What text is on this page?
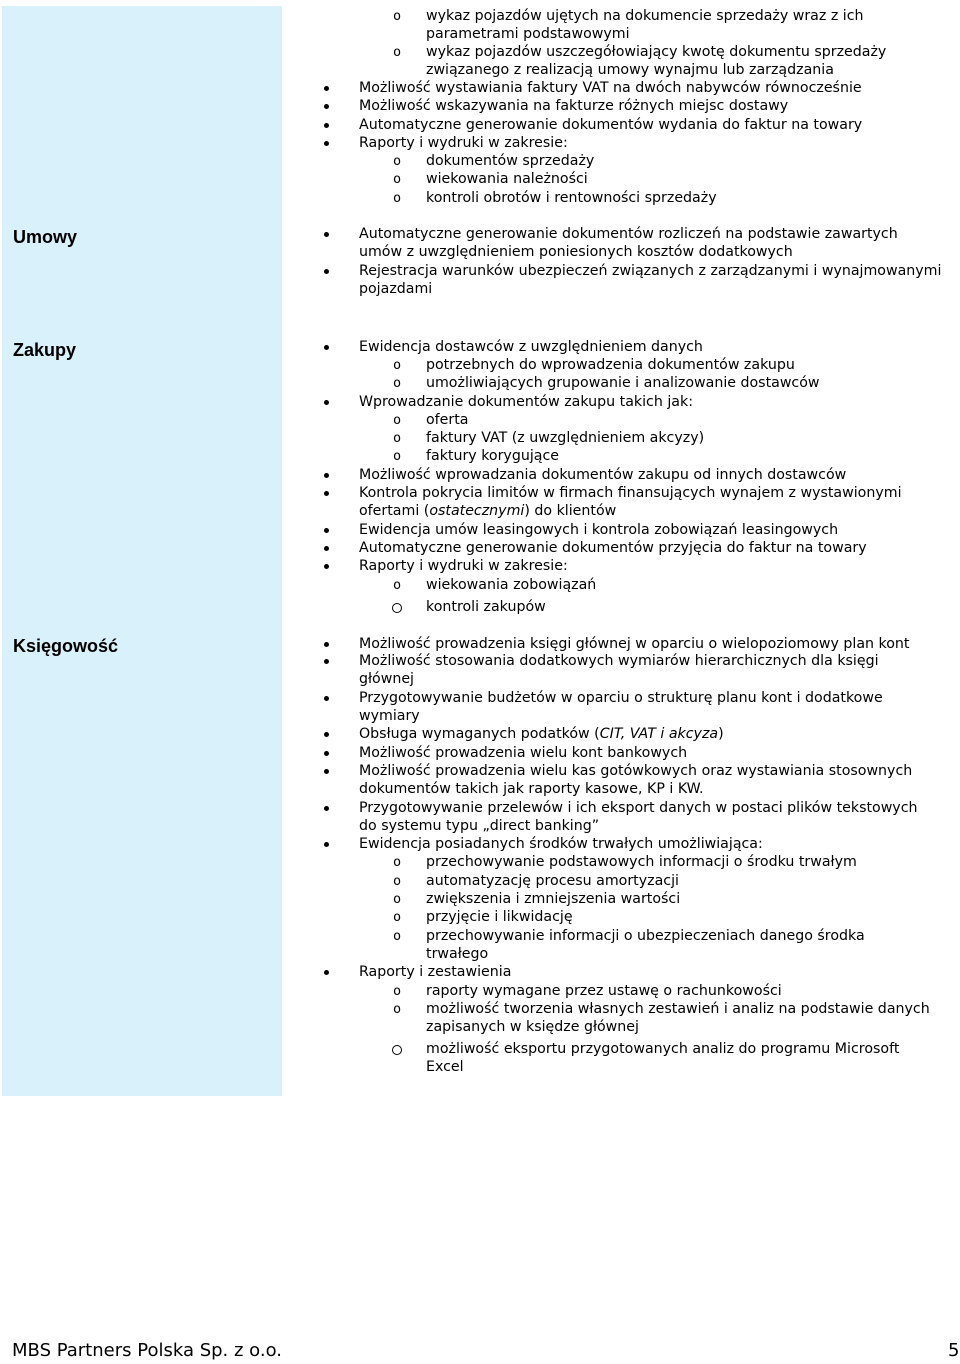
Umowy
Zakupy
Księgowość

o wykaz pojazdów ujętych na dokumencie sprzedaży wraz z ich

parametrami podstawowymi

o wykaz pojazdów uszczegółowiający kwotę dokumentu sprzedaży

związanego z realizacją umowy wynajmu lub zarządzania

Możliwość wystawiania faktury VAT na dwóch nabywców równocześnie

Możliwość wskazywania na fakturze różnych miejsc dostawy

Automatyczne generowanie dokumentów wydania do faktur na towary

Raporty i wydruki w zakresie:

o dokumentów sprzedaży

o wiekowania należności

o kontroli obrotów i rentowności sprzedaży

Automatyczne generowanie dokumentów rozliczeń na podstawie zawartych

umów z uwzględnieniem poniesionych kosztów dodatkowych

Rejestracja warunków ubezpieczeń związanych z zarządzanymi i wynajmowanymi

pojazdami

Ewidencja dostawców z uwzględnieniem danych

o potrzebnych do wprowadzenia dokumentów zakupu

o umożliwiających grupowanie i analizowanie dostawców

Wprowadzanie dokumentów zakupu takich jak:

o oferta

o faktury VAT (z uwzględnieniem akcyzy)

o faktury korygujące

Możliwość wprowadzania dokumentów zakupu od innych dostawców

Kontrola pokrycia limitów w firmach finansujących wynajem z wystawionymi

ofertami (ostatecznymi) do klientów

Ewidencja umów leasingowych i kontrola zobowiązań leasingowych

Automatyczne generowanie dokumentów przyjęcia do faktur na towary

Raporty i wydruki w zakresie:

o wiekowania zobowiązań

kontroli zakupów

Możliwość prowadzenia księgi głównej w oparciu o wielopoziomowy plan kont

Możliwość stosowania dodatkowych wymiarów hierarchicznych dla księgi

głównej

Przygotowywanie budżetów w oparciu o strukturę planu kont i dodatkowe

wymiary

Obsługa wymaganych podatków (CIT, VAT i akcyza)

Możliwość prowadzenia wielu kont bankowych

Możliwość prowadzenia wielu kas gotówkowych oraz wystawiania stosownych

dokumentów takich jak raporty kasowe, KP i KW.

Przygotowywanie przelewów i ich eksport danych w postaci plików tekstowych

do systemu typu „direct banking”

Ewidencja posiadanych środków trwałych umożliwiająca:

o przechowywanie podstawowych informacji o środku trwałym

o automatyzację procesu amortyzacji

o zwiększenia i zmniejszenia wartości

o przyjęcie i likwidację

o przechowywanie informacji o ubezpieczeniach danego środka

trwałego

Raporty i zestawienia

o raporty wymagane przez ustawę o rachunkowości

o możliwość tworzenia własnych zestawień i analiz na podstawie danych

zapisanych w księdze głównej

możliwość eksportu przygotowanych analiz do programu Microsoft

Excel

MBS Partners Polska Sp. z o.o.	5
